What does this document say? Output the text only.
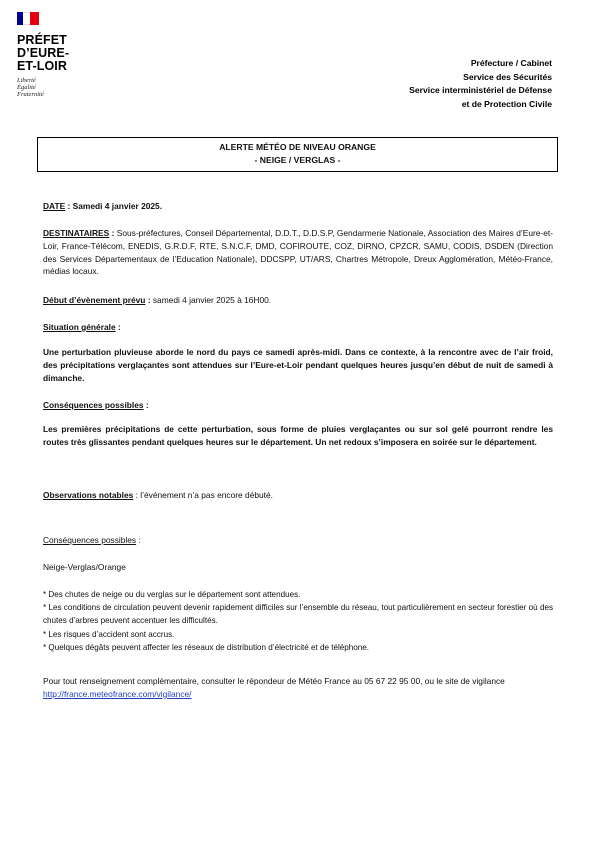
PRÉFET
D’EURE-
ET-LOIR
Liberté
Égalité
Fraternité
Préfecture / Cabinet
Service des Sécurités
Service interministériel de Défense
et de Protection Civile
ALERTE MÉTÉO DE NIVEAU ORANGE
- NEIGE / VERGLAS -
DATE : Samedi 4 janvier 2025.
DESTINATAIRES : Sous-préfectures, Conseil Départemental, D.D.T., D.D.S.P, Gendarmerie Nationale, Association des Maires d’Eure-et-Loir, France-Télécom, ENEDIS, G.R.D.F, RTE, S.N.C.F, DMD, COFIROUTE, COZ, DIRNO, CPZCR, SAMU, CODIS, DSDEN (Direction des Services Départementaux de l’Education Nationale), DDCSPP, UT/ARS, Chartres Métropole, Dreux Agglomération, Météo-France, médias locaux.
Début d’évènement prévu : samedi 4 janvier 2025 à 16H00.
Situation générale :
Une perturbation pluvieuse aborde le nord du pays ce samedi après-midi. Dans ce contexte, à la rencontre avec de l’air froid, des précipitations verglaçantes sont attendues sur l’Eure-et-Loir pendant quelques heures jusqu’en début de nuit de samedi à dimanche.
Conséquences possibles :
Les premières précipitations de cette perturbation, sous forme de pluies verglaçantes ou sur sol gelé pourront rendre les routes très glissantes pendant quelques heures sur le département. Un net redoux s’imposera en soirée sur le département.
Observations notables : l’événement n’a pas encore débuté.
Conséquences possibles :
Neige-Verglas/Orange

* Des chutes de neige ou du verglas sur le département sont attendues.

* Les conditions de circulation peuvent devenir rapidement difficiles sur l’ensemble du réseau, tout particulièrement en secteur forestier où des chutes d’arbres peuvent accentuer les difficultés.

* Les risques d’accident sont accrus.

* Quelques dégâts peuvent affecter les réseaux de distribution d’électricité et de téléphone.

Pour tout renseignement complémentaire, consulter le répondeur de Météo France au 05 67 22 95 00, ou le site de vigilance http://france.meteofrance.com/vigilance/
